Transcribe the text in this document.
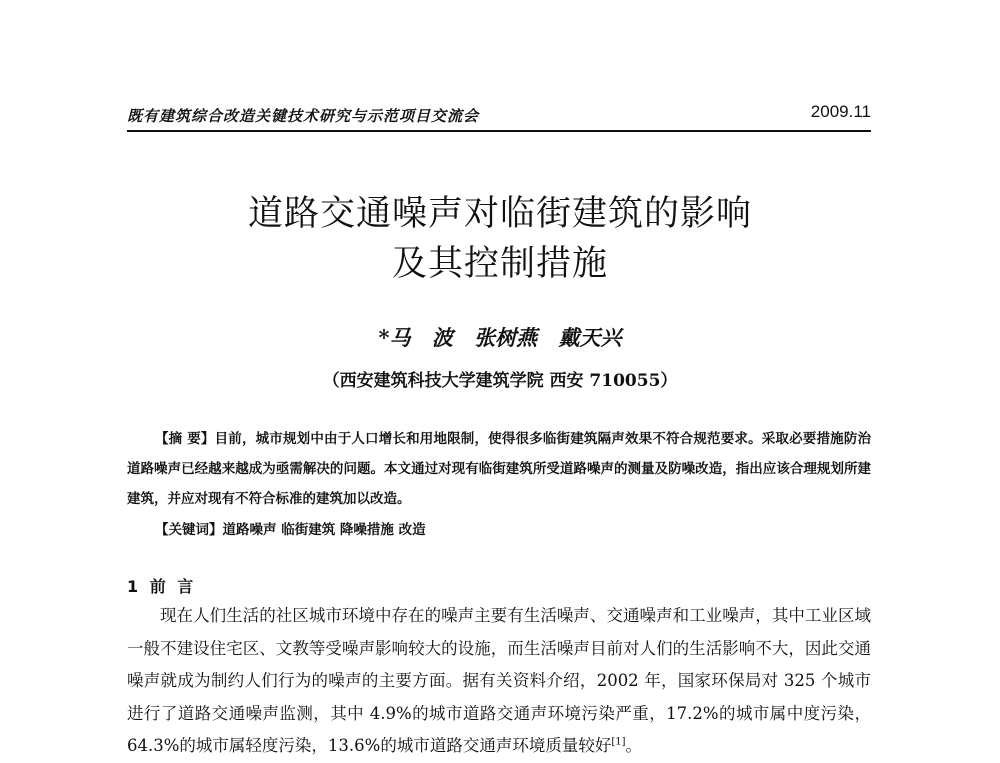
既有建筑综合改造关键技术研究与示范项目交流会	2009.11
道路交通噪声对临街建筑的影响
及其控制措施
*马 波 张树燕 戴天兴
（西安建筑科技大学建筑学院 西安 710055）
【摘 要】目前，城市规划中由于人口增长和用地限制，使得很多临街建筑隔声效果不符合规范要求。采取必要措施防治道路噪声已经越来越成为亟需解决的问题。本文通过对现有临街建筑所受道路噪声的测量及防噪改造，指出应该合理规划所建建筑，并应对现有不符合标准的建筑加以改造。
【关键词】道路噪声 临街建筑 降噪措施 改造
1 前 言
现在人们生活的社区城市环境中存在的噪声主要有生活噪声、交通噪声和工业噪声，其中工业区域一般不建设住宅区、文教等受噪声影响较大的设施，而生活噪声目前对人们的生活影响不大，因此交通噪声就成为制约人们行为的噪声的主要方面。据有关资料介绍，2002 年，国家环保局对 325 个城市进行了道路交通噪声监测，其中 4.9%的城市道路交通声环境污染严重，17.2%的城市属中度污染，64.3%的城市属轻度污染，13.6%的城市道路交通声环境质量较好[1]。
